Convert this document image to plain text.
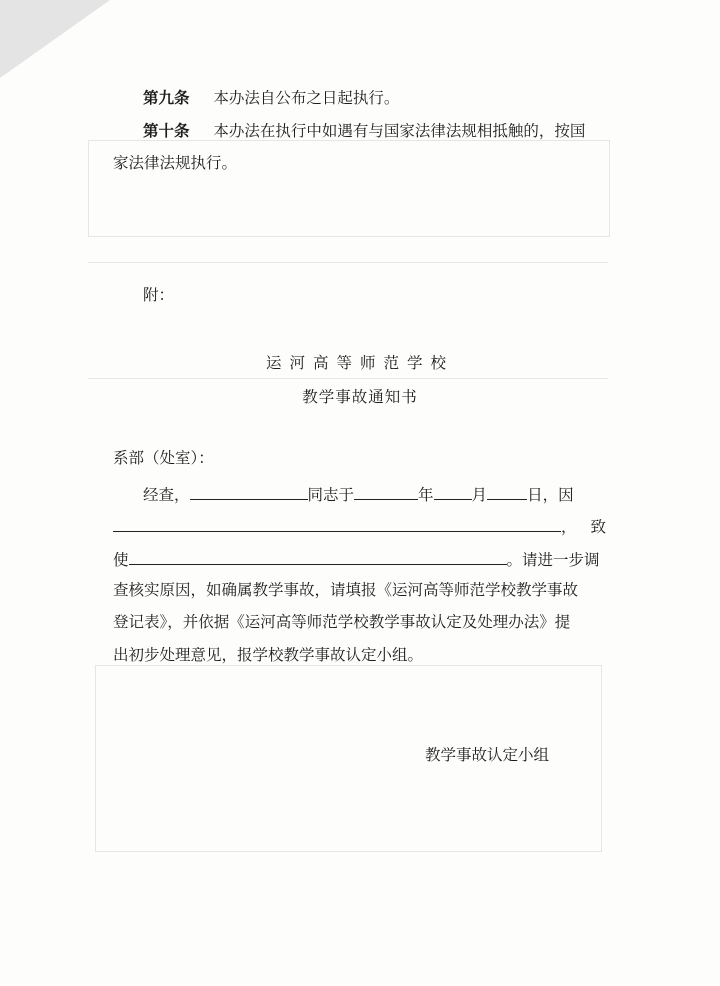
第九条 本办法自公布之日起执行。
第十条 本办法在执行中如遇有与国家法律法规相抵触的，按国
家法律法规执行。
附：
运河高等师范学校
教学事故通知书
系部（处室）：
经查，	同志于	年 月	日，因
，致
使	。请进一步调
查核实原因，如确属教学事故，请填报《运河高等师范学校教学事故
登记表》，并依据《运河高等师范学校教学事故认定及处理办法》提
出初步处理意见，报学校教学事故认定小组。
教学事故认定小组
